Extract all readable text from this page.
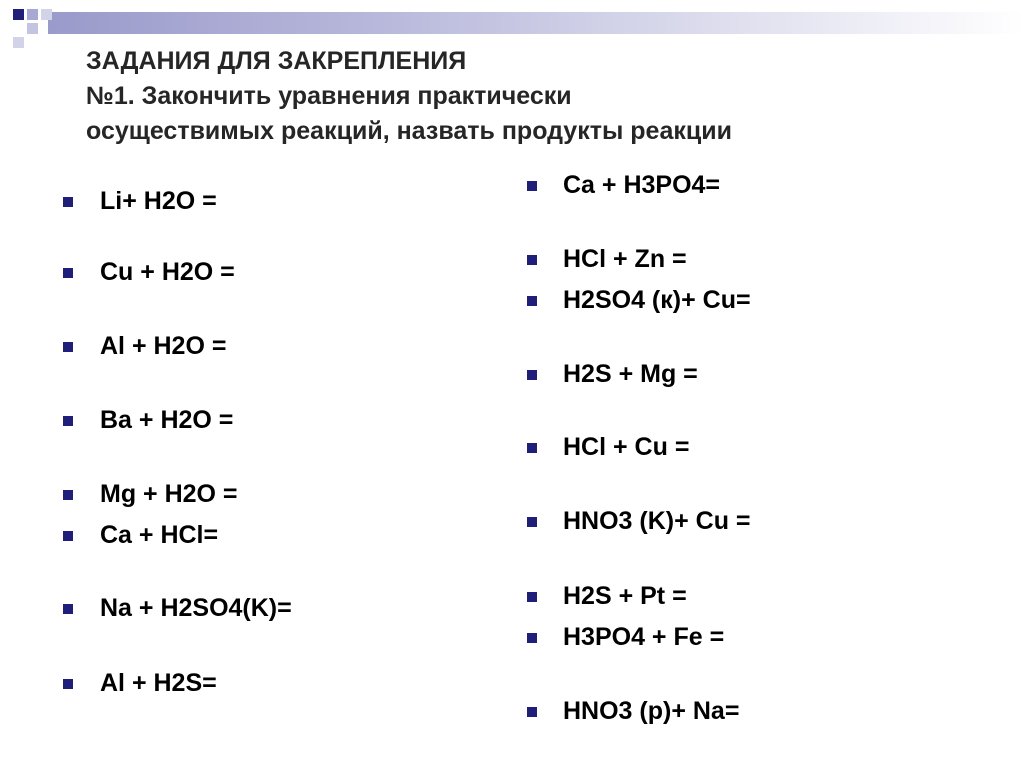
ЗАДАНИЯ ДЛЯ ЗАКРЕПЛЕНИЯ
№1. Закончить уравнения практически
осуществимых реакций, назвать продукты реакции
Li+ H2O =
Cu + H2O =
Al + H2O =
Ba + H2O =
Mg + H2O =
Ca + HCl=
Na + H2SO4(K)=
Al + H2S=
Ca + H3PO4=
HCl + Zn =
H2SO4 (к)+ Cu=
H2S + Mg =
HCl + Cu =
HNO3 (K)+ Cu =
H2S + Pt =
H3PO4 + Fe =
HNO3 (p)+ Na=
